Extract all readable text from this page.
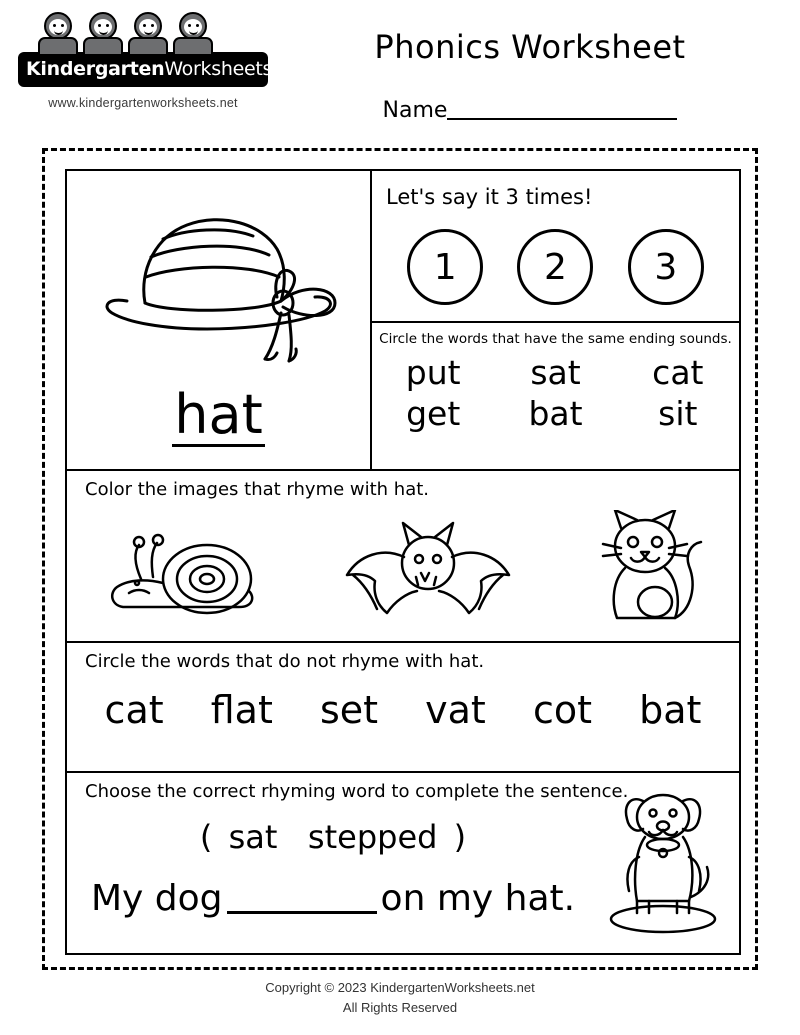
KindergartenWorksheets.net
www.kindergartenworksheets.net
Phonics Worksheet
Name
hat
Let's say it 3 times!
1	2	3
Circle the words that have the same ending sounds.
put sat cat
get bat sit
Color the images that rhyme with hat.
Circle the words that do not rhyme with hat.
cat flat set vat cot bat
Choose the correct rhyming word to complete the sentence.
( sat stepped )
My dog	on my hat.
Copyright © 2023 KindergartenWorksheets.net
All Rights Reserved
